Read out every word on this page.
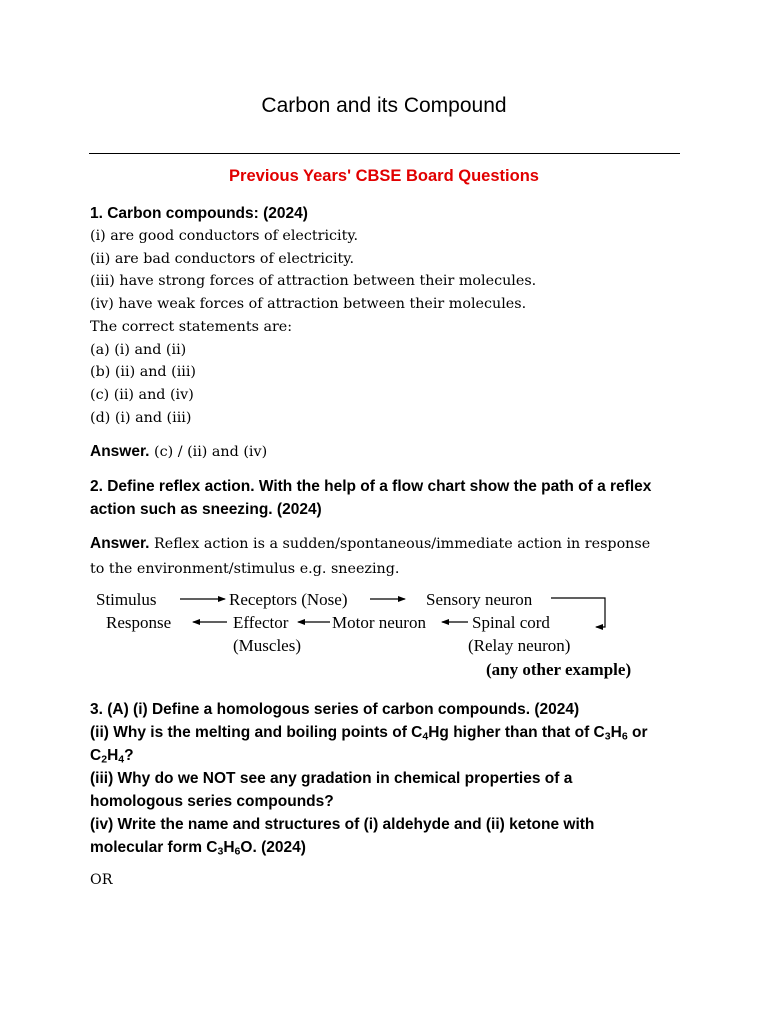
Carbon and its Compound
Previous Years' CBSE Board Questions
1. Carbon compounds: (2024)
(i) are good conductors of electricity.
(ii) are bad conductors of electricity.
(iii) have strong forces of attraction between their molecules.
(iv) have weak forces of attraction between their molecules.
The correct statements are:
(a) (i) and (ii)
(b) (ii) and (iii)
(c) (ii) and (iv)
(d) (i) and (iii)
Answer. (c) / (ii) and (iv)
2. Define reflex action. With the help of a flow chart show the path of a reflex
action such as sneezing. (2024)
Answer. Reflex action is a sudden/spontaneous/immediate action in response
to the environment/stimulus e.g. sneezing.
Stimulus	Receptors (Nose)	Sensory neuron
Response	Effector	Motor neuron	Spinal cord
(Muscles)	(Relay neuron)
(any other example)
3. (A) (i) Define a homologous series of carbon compounds. (2024)
(ii) Why is the melting and boiling points of $C_4Hg$ higher than that of $C_3H_6$ or
$C_2H_4$?
(iii) Why do we NOT see any gradation in chemical properties of a
homologous series compounds?
(iv) Write the name and structures of (i) aldehyde and (ii) ketone with
molecular form $C_3H_6O$. (2024)
OR
